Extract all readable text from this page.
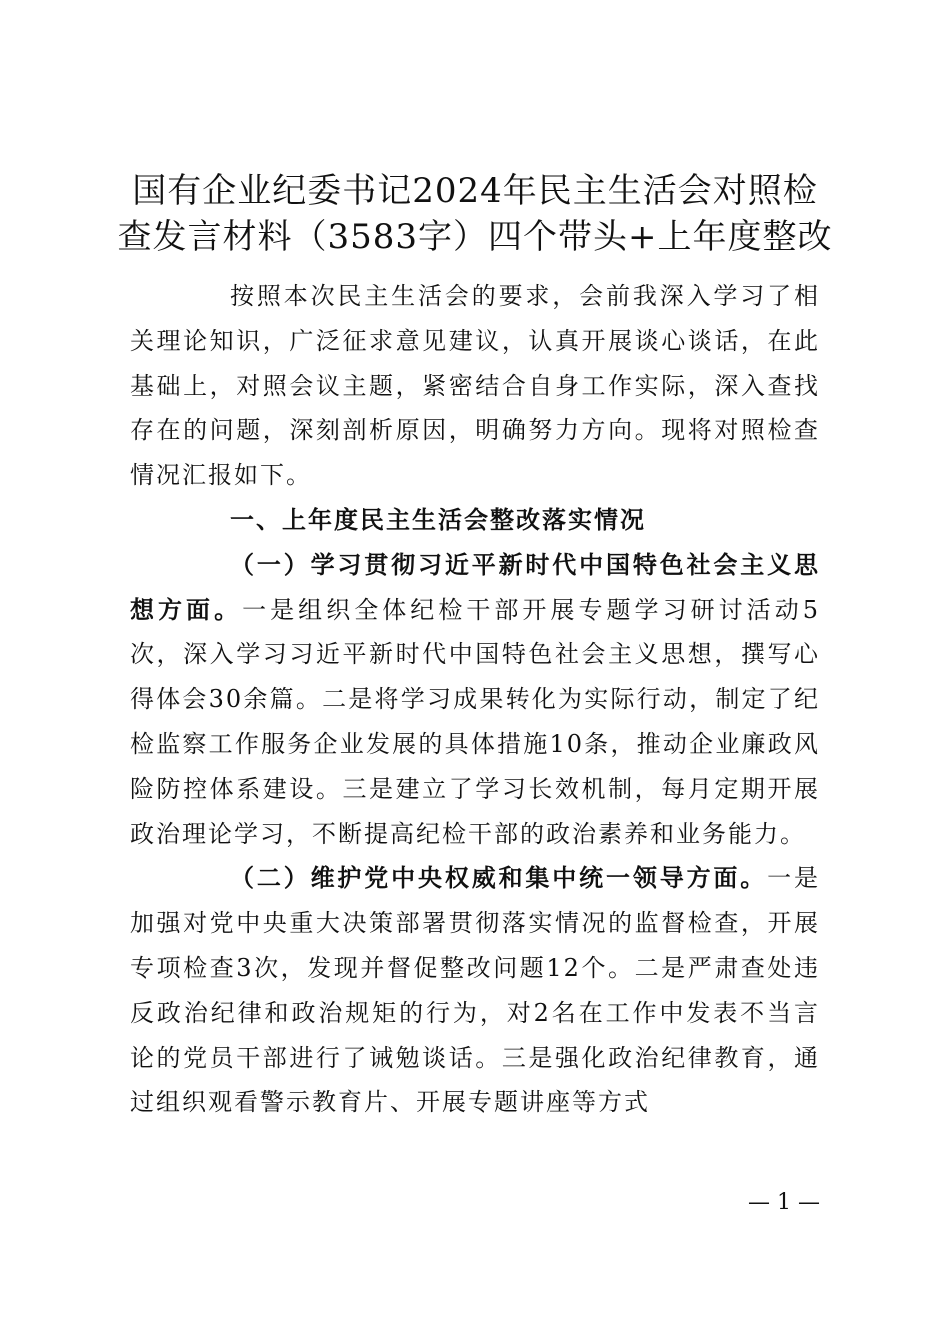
国有企业纪委书记2024年民主生活会对照检
查发言材料（3583字）四个带头+上年度整改

按照本次民主生活会的要求，会前我深入学习了相关理论知识，广泛征求意见建议，认真开展谈心谈话，在此基础上，对照会议主题，紧密结合自身工作实际，深入查找存在的问题，深刻剖析原因，明确努力方向。现将对照检查情况汇报如下。

一、上年度民主生活会整改落实情况

（一）学习贯彻习近平新时代中国特色社会主义思想方面。一是组织全体纪检干部开展专题学习研讨活动5次，深入学习习近平新时代中国特色社会主义思想，撰写心得体会30余篇。二是将学习成果转化为实际行动，制定了纪检监察工作服务企业发展的具体措施10条，推动企业廉政风险防控体系建设。三是建立了学习长效机制，每月定期开展政治理论学习，不断提高纪检干部的政治素养和业务能力。

（二）维护党中央权威和集中统一领导方面。一是加强对党中央重大决策部署贯彻落实情况的监督检查，开展专项检查3次，发现并督促整改问题12个。二是严肃查处违反政治纪律和政治规矩的行为，对2名在工作中发表不当言论的党员干部进行了诫勉谈话。三是强化政治纪律教育，通过组织观看警示教育片、开展专题讲座等方式

— 1 —
